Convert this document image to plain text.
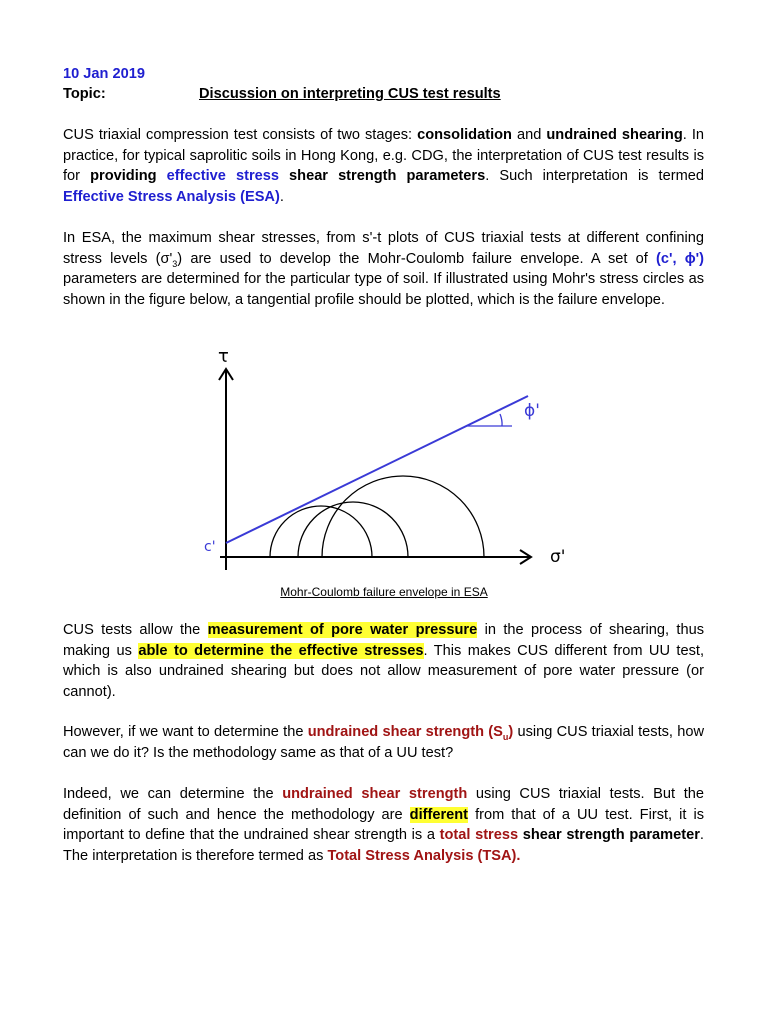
10 Jan 2019
Topic:	Discussion on interpreting CUS test results

CUS triaxial compression test consists of two stages: consolidation and undrained shearing. In practice, for typical saprolitic soils in Hong Kong, e.g. CDG, the interpretation of CUS test results is for providing effective stress shear strength parameters. Such interpretation is termed Effective Stress Analysis (ESA).

In ESA, the maximum shear stresses, from s'-t plots of CUS triaxial tests at different confining stress levels $(\sigma'_3)$ are used to develop the Mohr-Coulomb failure envelope. A set of (c', ϕ') parameters are determined for the particular type of soil. If illustrated using Mohr's stress circles as shown in the figure below, a tangential profile should be plotted, which is the failure envelope.

τ
σ'
ϕ'
c'
Mohr-Coulomb failure envelope in ESA

CUS tests allow the measurement of pore water pressure in the process of shearing, thus making us able to determine the effective stresses. This makes CUS different from UU test, which is also undrained shearing but does not allow measurement of pore water pressure (or cannot).

However, if we want to determine the undrained shear strength $(S_u)$ using CUS triaxial tests, how can we do it? Is the methodology same as that of a UU test?

Indeed, we can determine the undrained shear strength using CUS triaxial tests. But the definition of such and hence the methodology are different from that of a UU test. First, it is important to define that the undrained shear strength is a total stress shear strength parameter. The interpretation is therefore termed as Total Stress Analysis (TSA).
